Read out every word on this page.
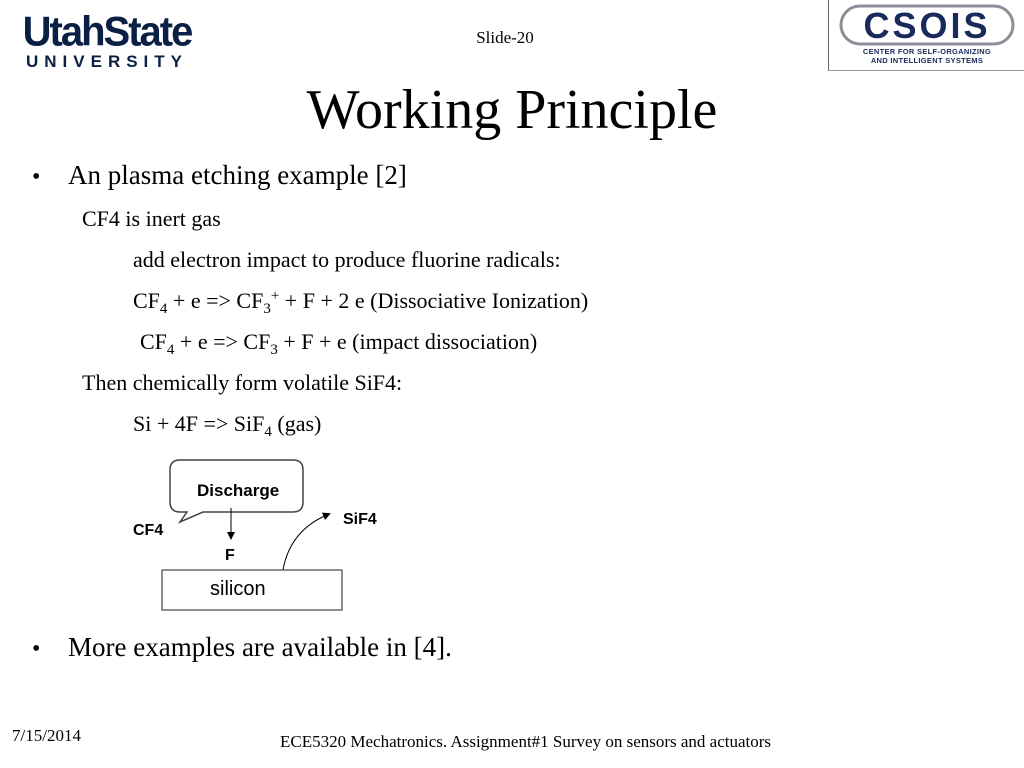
UtahState
UNIVERSITY
Slide-20	CSOIS
CENTER FOR SELF-ORGANIZING
AND INTELLIGENT SYSTEMS
Working Principle
• An plasma etching example [2]
CF4 is inert gas
add electron impact to produce fluorine radicals:
$CF_4 + e => CF_3^+ + F + 2$ e (Dissociative Ionization)
$CF_4 + e => CF_3 + F + e$ (impact dissociation)
Then chemically form volatile SiF4:
Si + 4F => SiF$_4$ (gas)
Discharge
CF4
F
SiF4
silicon
• More examples are available in [4].
7/15/2014	ECE5320 Mechatronics. Assignment#1 Survey on sensors and actuators
